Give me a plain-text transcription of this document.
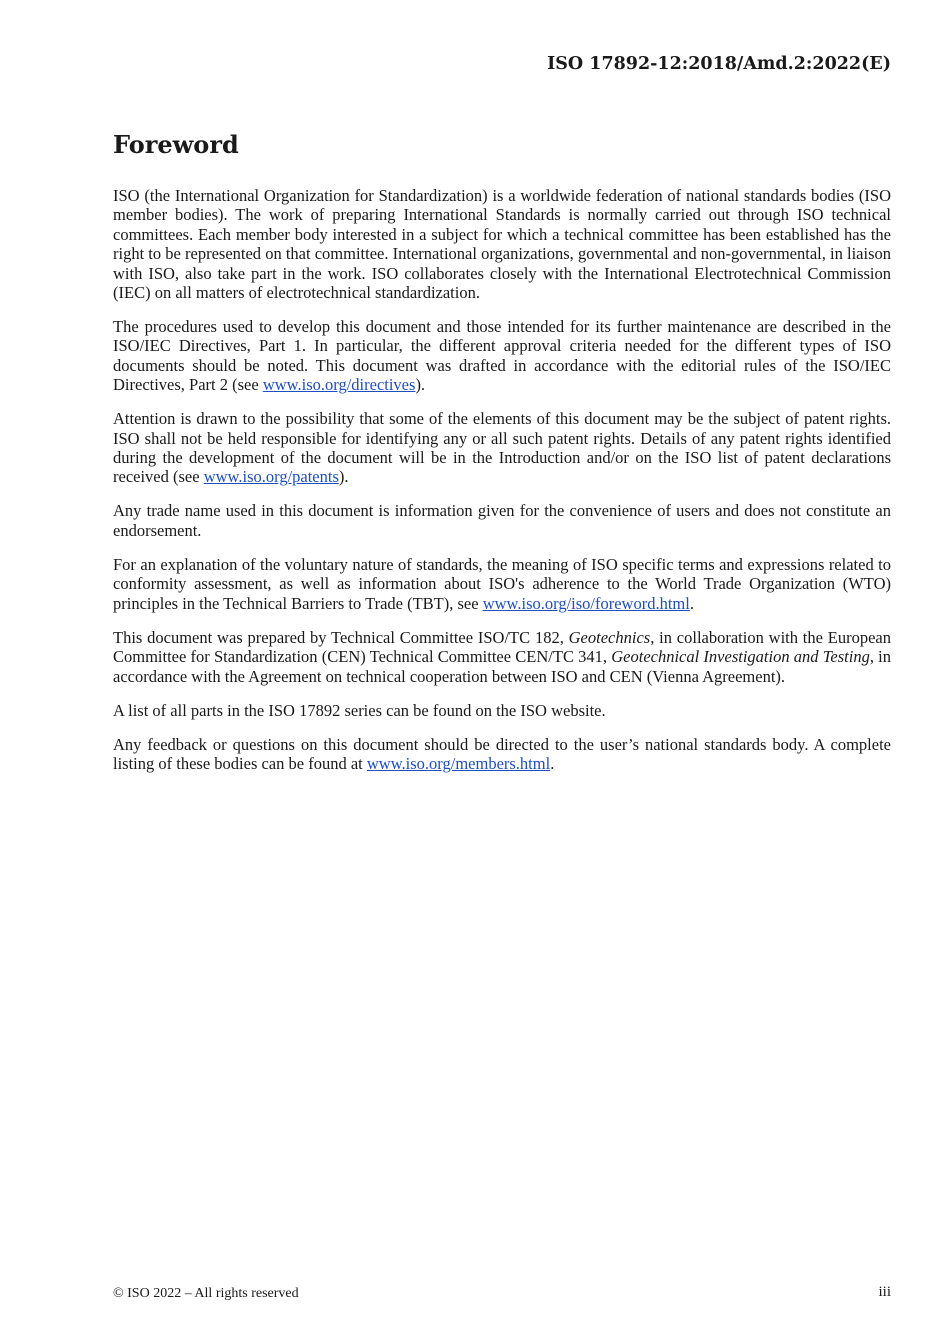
ISO 17892-12:2018/Amd.2:2022(E)

Foreword

ISO (the International Organization for Standardization) is a worldwide federation of national standards bodies (ISO member bodies). The work of preparing International Standards is normally carried out through ISO technical committees. Each member body interested in a subject for which a technical committee has been established has the right to be represented on that committee. International organizations, governmental and non-governmental, in liaison with ISO, also take part in the work. ISO collaborates closely with the International Electrotechnical Commission (IEC) on all matters of electrotechnical standardization.

The procedures used to develop this document and those intended for its further maintenance are described in the ISO/IEC Directives, Part 1. In particular, the different approval criteria needed for the different types of ISO documents should be noted. This document was drafted in accordance with the editorial rules of the ISO/IEC Directives, Part 2 (see www.iso.org/directives).

Attention is drawn to the possibility that some of the elements of this document may be the subject of patent rights. ISO shall not be held responsible for identifying any or all such patent rights. Details of any patent rights identified during the development of the document will be in the Introduction and/or on the ISO list of patent declarations received (see www.iso.org/patents).

Any trade name used in this document is information given for the convenience of users and does not constitute an endorsement.

For an explanation of the voluntary nature of standards, the meaning of ISO specific terms and expressions related to conformity assessment, as well as information about ISO's adherence to the World Trade Organization (WTO) principles in the Technical Barriers to Trade (TBT), see www.iso.org/iso/foreword.html.

This document was prepared by Technical Committee ISO/TC 182, Geotechnics, in collaboration with the European Committee for Standardization (CEN) Technical Committee CEN/TC 341, Geotechnical Investigation and Testing, in accordance with the Agreement on technical cooperation between ISO and CEN (Vienna Agreement).

A list of all parts in the ISO 17892 series can be found on the ISO website.

Any feedback or questions on this document should be directed to the user’s national standards body. A complete listing of these bodies can be found at www.iso.org/members.html.

© ISO 2022 – All rights reserved	iii
